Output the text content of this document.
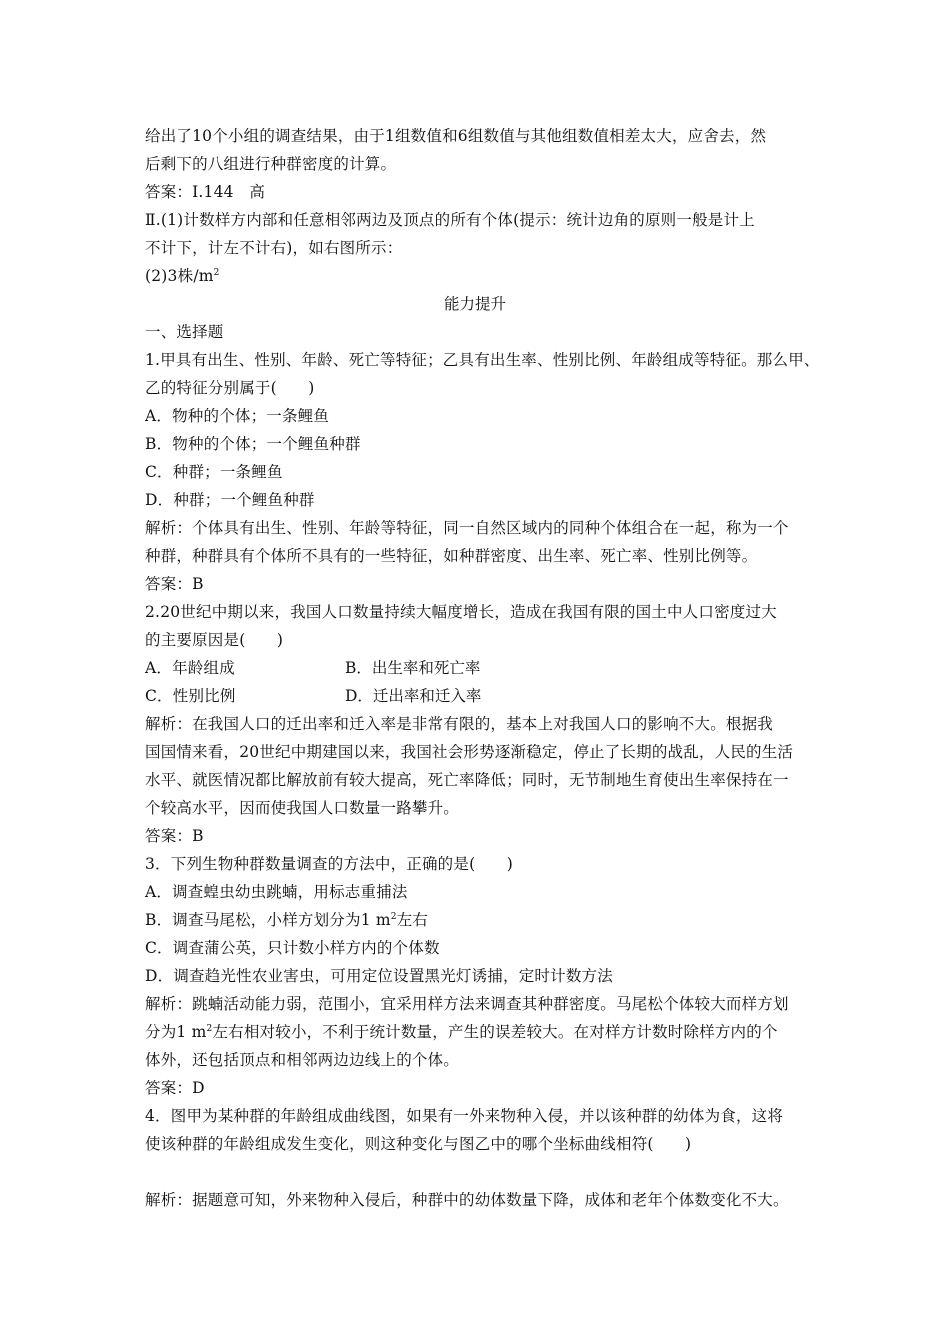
给出了10个小组的调查结果，由于1组数值和6组数值与其他组数值相差太大，应舍去，然
后剩下的八组进行种群密度的计算。
答案：Ⅰ.144　高
Ⅱ.(1)计数样方内部和任意相邻两边及顶点的所有个体(提示：统计边角的原则一般是计上
不计下，计左不计右)，如右图所示：
(2)3株$/m^2$
能力提升
一、选择题
1.甲具有出生、性别、年龄、死亡等特征；乙具有出生率、性别比例、年龄组成等特征。那么甲、
乙的特征分别属于(　　)
A．物种的个体；一条鲤鱼
B．物种的个体；一个鲤鱼种群
C．种群；一条鲤鱼
D．种群；一个鲤鱼种群
解析：个体具有出生、性别、年龄等特征，同一自然区域内的同种个体组合在一起，称为一个
种群，种群具有个体所不具有的一些特征，如种群密度、出生率、死亡率、性别比例等。
答案：B
2.20世纪中期以来，我国人口数量持续大幅度增长，造成在我国有限的国土中人口密度过大
的主要原因是(　　)
A．年龄组成	B．出生率和死亡率
C．性别比例	D．迁出率和迁入率
解析：在我国人口的迁出率和迁入率是非常有限的，基本上对我国人口的影响不大。根据我
国国情来看，20世纪中期建国以来，我国社会形势逐渐稳定，停止了长期的战乱，人民的生活
水平、就医情况都比解放前有较大提高，死亡率降低；同时，无节制地生育使出生率保持在一
个较高水平，因而使我国人口数量一路攀升。
答案：B
3．下列生物种群数量调查的方法中，正确的是(　　)
A．调查蝗虫幼虫跳蝻，用标志重捕法
B．调查马尾松，小样方划分为1 $m^2$左右
C．调查蒲公英，只计数小样方内的个体数
D．调查趋光性农业害虫，可用定位设置黑光灯诱捕，定时计数方法
解析：跳蝻活动能力弱，范围小，宜采用样方法来调查其种群密度。马尾松个体较大而样方划
分为1 $m^2$左右相对较小，不利于统计数量，产生的误差较大。在对样方计数时除样方内的个
体外，还包括顶点和相邻两边边线上的个体。
答案：D
4．图甲为某种群的年龄组成曲线图，如果有一外来物种入侵，并以该种群的幼体为食，这将
使该种群的年龄组成发生变化，则这种变化与图乙中的哪个坐标曲线相符(　　)
解析：据题意可知，外来物种入侵后，种群中的幼体数量下降，成体和老年个体数变化不大。
